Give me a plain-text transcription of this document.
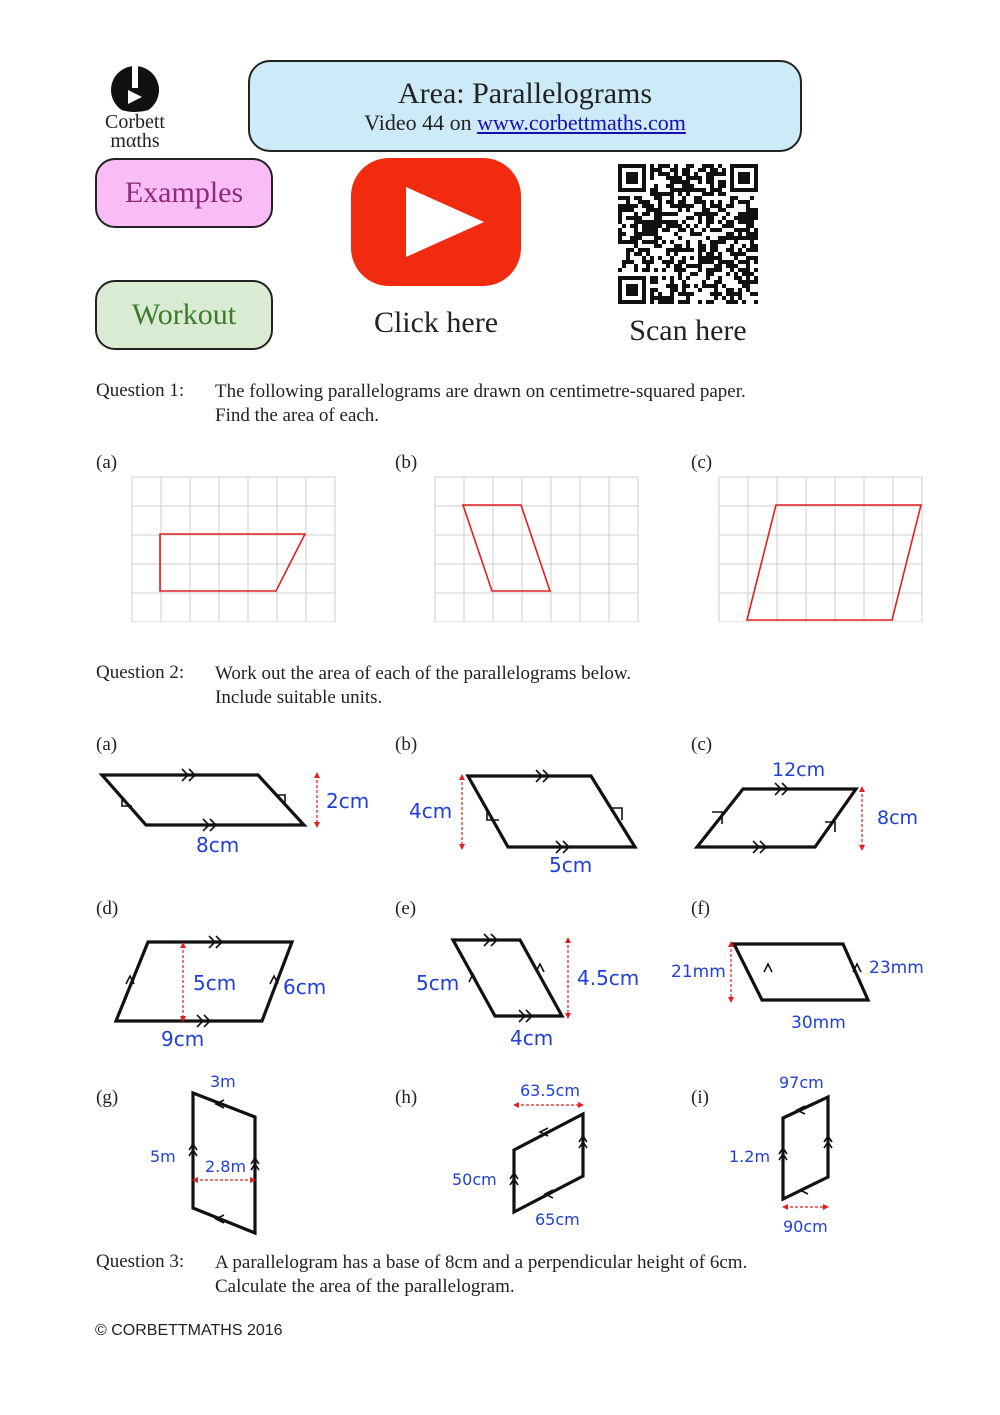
Corbett
mαths
Area: Parallelograms
Video 44 on www.corbettmaths.com
Examples
Workout	Click here	Scan here
Question 1: The following parallelograms are drawn on centimetre-squared paper.
Find the area of each.
(a)	(b)	(c)
Question 2: Work out the area of each of the parallelograms below.
Include suitable units.
(a)	(b)	(c)
(d)	(e)	(f)
(g)	(h)	(i)
2cm
8cm
4cm
5cm
12cm
8cm
5cm 6cm
9cm
5cm	4.5cm
4cm
21mm	23mm
30mm
3m
5m
2.8m
63.5cm
50cm
65cm
97cm
1.2m
90cm
Question 3: A parallelogram has a base of 8cm and a perpendicular height of 6cm.
Calculate the area of the parallelogram.
© CORBETTMATHS 2016
